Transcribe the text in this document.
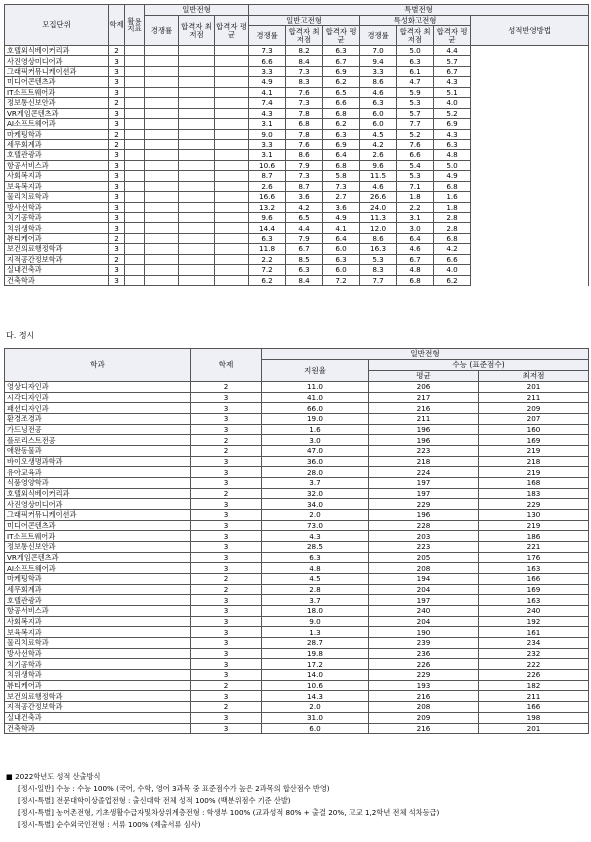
모집단위	학제	활용 지표	일반전형			특별전형						
			경쟁률	합격자 최저점	합격자 평균	일반고전형			특성화고전형			성적반영방법
						경쟁률	합격자 최저점	합격자 평균	경쟁률	합격자 최저점	합격자 평균	
호텔외식베이커리과	2					7.3	8.2	6.3	7.0	5.0	4.4	
사진영상미디어과	3					6.6	8.4	6.7	9.4	6.3	5.7	
그래픽커뮤니케이션과	3					3.3	7.3	6.9	3.3	6.1	6.7	
미디어콘텐츠과	3					4.9	8.3	6.2	8.6	4.7	4.3	
IT소프트웨어과	3					4.1	7.6	6.5	4.6	5.9	5.1	
정보통신보안과	2					7.4	7.3	6.6	6.3	5.3	4.0	
VR게임콘텐츠과	3					4.3	7.8	6.8	6.0	5.7	5.2	
AI소프트웨어과	3					3.1	6.8	6.2	6.0	7.7	6.9	
마케팅학과	2					9.0	7.8	6.3	4.5	5.2	4.3	
세무회계과	2					3.3	7.6	6.9	4.2	7.6	6.3	
호텔관광과	3					3.1	8.6	6.4	2.6	6.6	4.8	
항공서비스과	3					10.6	7.9	6.8	9.6	5.4	5.0	
사회복지과	3					8.7	7.3	5.8	11.5	5.3	4.9	
보육복지과	3					2.6	8.7	7.3	4.6	7.1	6.8	
물리치료학과	3					16.6	3.6	2.7	26.6	1.8	1.6	
방사선학과	3					13.2	4.2	3.6	24.0	2.2	1.8	
치기공학과	3					9.6	6.5	4.9	11.3	3.1	2.8	
치위생학과	3					14.4	4.4	4.1	12.0	3.0	2.8	
뷰티케어과	2					6.3	7.9	6.4	8.6	6.4	6.8	
보건의료행정학과	3					11.8	6.7	6.0	16.3	4.6	4.2	
지적공간정보학과	2					2.2	8.5	6.3	5.3	6.7	6.6	
실내건축과	3					7.2	6.3	6.0	8.3	4.8	4.0	
건축학과	3					6.2	8.4	7.2	7.7	6.8	6.2	
다. 정시
학과	학제	일반전형		
		지원율	수능 (표준점수)	
			평균	최저점
영상디자인과	2	11.0	206	201
시각디자인과	3	41.0	217	211
패션디자인과	3	66.0	216	209
환경조경과	3	19.0	211	207
가드닝전공	3	1.6	196	160
플로리스트전공	2	3.0	196	169
애완동물과	2	47.0	223	219
바이오생명과학과	3	36.0	218	218
유아교육과	3	28.0	224	219
식품영양학과	3	3.7	197	168
호텔외식베이커리과	2	32.0	197	183
사진영상미디어과	3	34.0	229	229
그래픽커뮤니케이션과	3	2.0	196	130
미디어콘텐츠과	3	73.0	228	219
IT소프트웨어과	3	4.3	203	186
정보통신보안과	3	28.5	223	221
VR게임콘텐츠과	3	6.3	205	176
AI소프트웨어과	3	4.8	208	163
마케팅학과	2	4.5	194	166
세무회계과	2	2.8	204	169
호텔관광과	3	3.7	197	163
항공서비스과	3	18.0	240	240
사회복지과	3	9.0	204	192
보육복지과	3	1.3	190	161
물리치료학과	3	28.7	239	234
방사선학과	3	19.8	236	232
치기공학과	3	17.2	226	222
치위생학과	3	14.0	229	226
뷰티케어과	2	10.6	193	182
보건의료행정학과	3	14.3	216	211
지적공간정보학과	2	2.0	208	166
실내건축과	3	31.0	209	198
건축학과	3	6.0	216	201
■ 2022학년도 성적 산출방식
[정시-일반] 수능 : 수능 100% (국어, 수학, 영어 3과목 중 표준점수가 높은 2과목의 합산점수 반영)
[정시-특별] 전문대학이상졸업전형 : 출신대학 전체 성적 100% (백분위점수 기준 산발)
[정시-특별] 농어촌전형, 기초생활수급자및차상위계층전형 : 학생부 100% (교과성적 80% + 출결 20%, 고교 1,2학년 전체 석차등급)
[정시-특별] 순수외국인전형 : 서류 100% (제출서류 심사)
